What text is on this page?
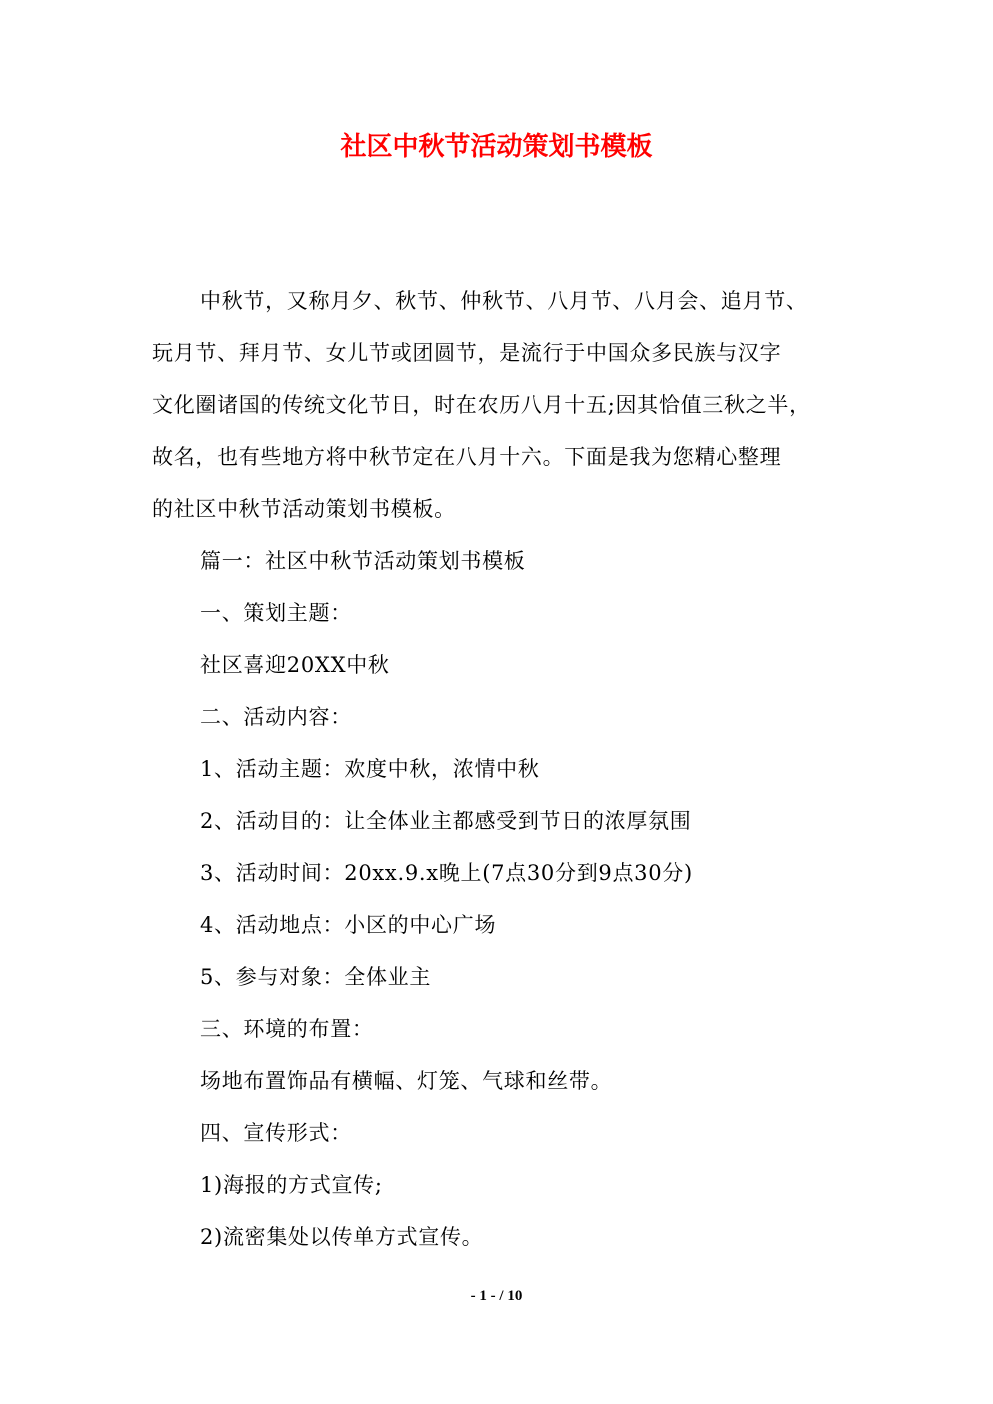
社区中秋节活动策划书模板

中秋节，又称月夕、秋节、仲秋节、八月节、八月会、追月节、

玩月节、拜月节、女儿节或团圆节，是流行于中国众多民族与汉字

文化圈诸国的传统文化节日，时在农历八月十五;因其恰值三秋之半，

故名，也有些地方将中秋节定在八月十六。下面是我为您精心整理

的社区中秋节活动策划书模板。

篇一：社区中秋节活动策划书模板

一、策划主题：

社区喜迎20XX中秋

二、活动内容：

1、活动主题：欢度中秋，浓情中秋

2、活动目的：让全体业主都感受到节日的浓厚氛围

3、活动时间：20xx.9.x晚上(7点30分到9点30分)

4、活动地点：小区的中心广场

5、参与对象：全体业主

三、环境的布置：

场地布置饰品有横幅、灯笼、气球和丝带。

四、宣传形式：

1)海报的方式宣传;

2)流密集处以传单方式宣传。

- 1 - / 10
